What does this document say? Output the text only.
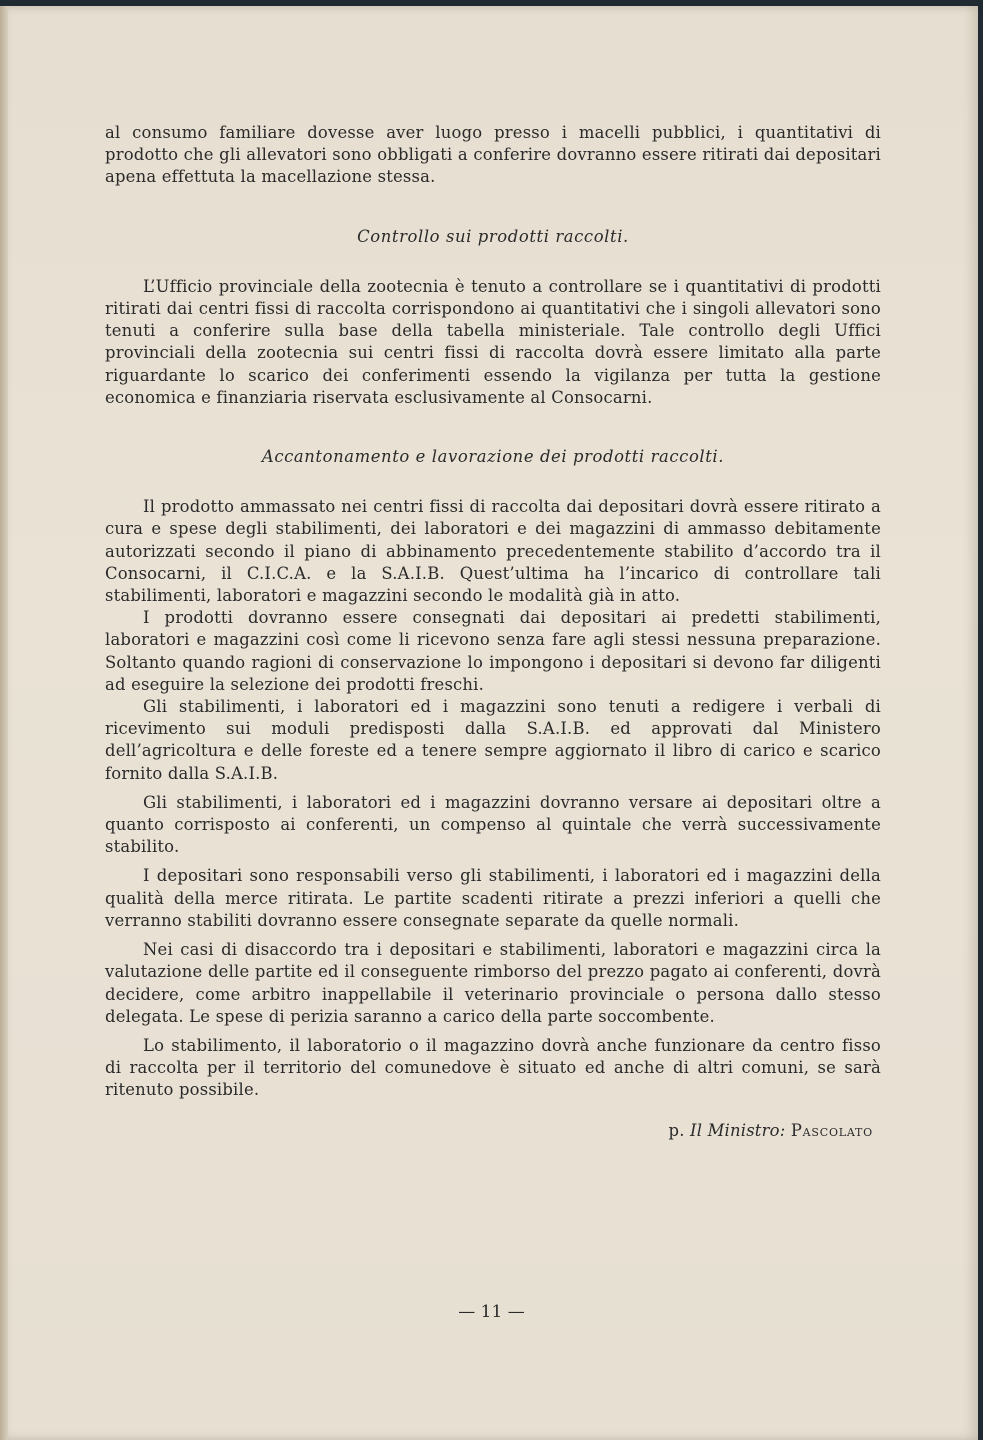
al consumo familiare dovesse aver luogo presso i macelli pubblici, i quantitativi di prodotto che gli allevatori sono obbligati a conferire dovranno essere ritirati dai depositari apena effettuta la macellazione stessa.

Controllo sui prodotti raccolti.

L’Ufficio provinciale della zootecnia è tenuto a controllare se i quantitativi di prodotti ritirati dai centri fissi di raccolta corrispondono ai quantitativi che i singoli allevatori sono tenuti a conferire sulla base della tabella ministeriale. Tale controllo degli Uffici provinciali della zootecnia sui centri fissi di raccolta dovrà essere limitato alla parte riguardante lo scarico dei conferimenti essendo la vigilanza per tutta la gestione economica e finanziaria riservata esclusivamente al Consocarni.

Accantonamento e lavorazione dei prodotti raccolti.

Il prodotto ammassato nei centri fissi di raccolta dai depositari dovrà essere ritirato a cura e spese degli stabilimenti, dei laboratori e dei magazzini di ammasso debitamente autorizzati secondo il piano di abbinamento precedentemente stabilito d’accordo tra il Consocarni, il C.I.C.A. e la S.A.I.B. Quest’ultima ha l’incarico di controllare tali stabilimenti, laboratori e magazzini secondo le modalità già in atto.

I prodotti dovranno essere consegnati dai depositari ai predetti stabilimenti, laboratori e magazzini così come li ricevono senza fare agli stessi nessuna preparazione. Soltanto quando ragioni di conservazione lo impongono i depositari si devono far diligenti ad eseguire la selezione dei prodotti freschi.

Gli stabilimenti, i laboratori ed i magazzini sono tenuti a redigere i verbali di ricevimento sui moduli predisposti dalla S.A.I.B. ed approvati dal Ministero dell’agricoltura e delle foreste ed a tenere sempre aggiornato il libro di carico e scarico fornito dalla S.A.I.B.

Gli stabilimenti, i laboratori ed i magazzini dovranno versare ai depositari oltre a quanto corrisposto ai conferenti, un compenso al quintale che verrà successivamente stabilito.

I depositari sono responsabili verso gli stabilimenti, i laboratori ed i magazzini della qualità della merce ritirata. Le partite scadenti ritirate a prezzi inferiori a quelli che verranno stabiliti dovranno essere consegnate separate da quelle normali.

Nei casi di disaccordo tra i depositari e stabilimenti, laboratori e magazzini circa la valutazione delle partite ed il conseguente rimborso del prezzo pagato ai conferenti, dovrà decidere, come arbitro inappellabile il veterinario provinciale o persona dallo stesso delegata. Le spese di perizia saranno a carico della parte soccombente.

Lo stabilimento, il laboratorio o il magazzino dovrà anche funzionare da centro fisso di raccolta per il territorio del comunedove è situato ed anche di altri comuni, se sarà ritenuto possibile.

p. Il Ministro: Pascolato
— 11 —
